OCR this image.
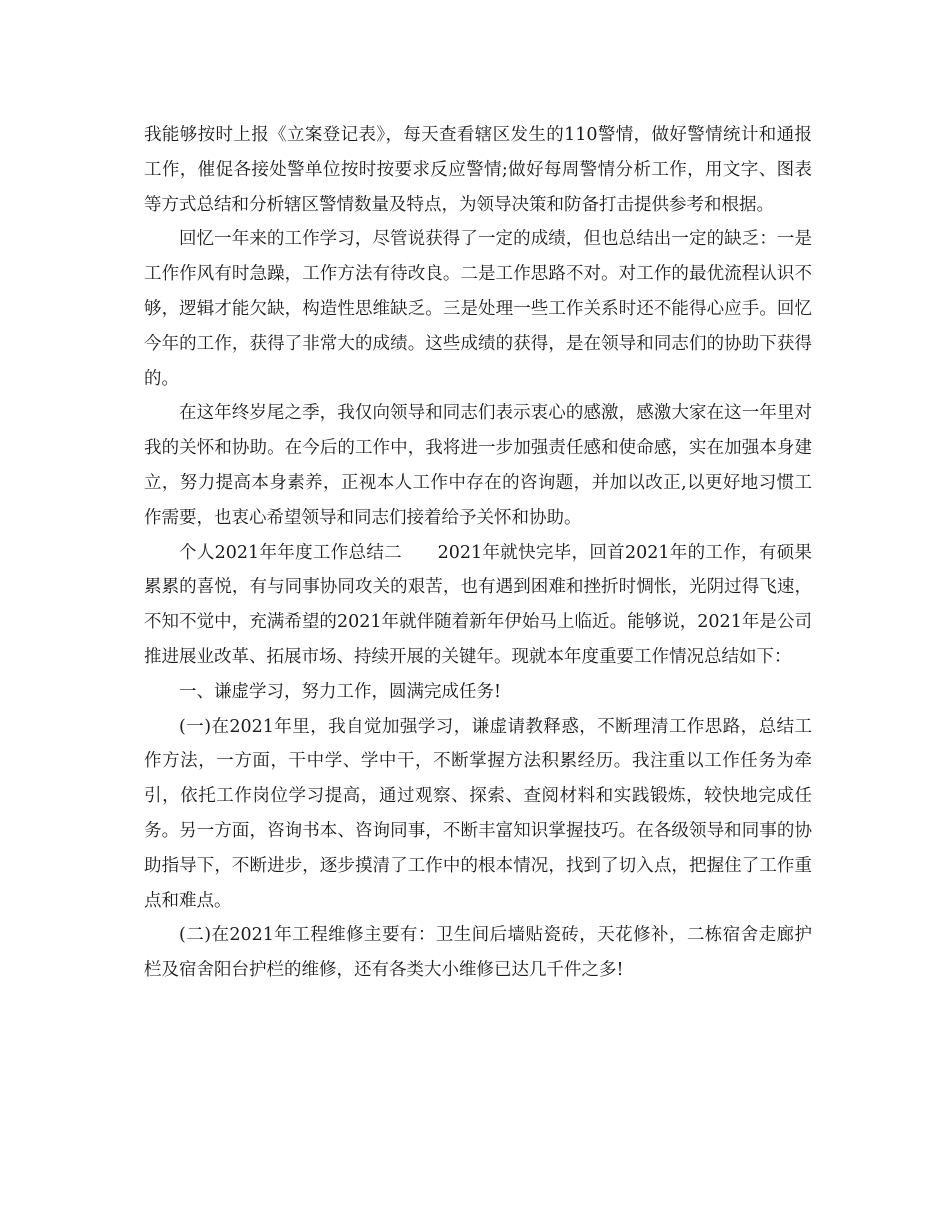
我能够按时上报《立案登记表》，每天查看辖区发生的110警情，做好警情统计和通报工作，催促各接处警单位按时按要求反应警情;做好每周警情分析工作，用文字、图表等方式总结和分析辖区警情数量及特点，为领导决策和防备打击提供参考和根据。

回忆一年来的工作学习，尽管说获得了一定的成绩，但也总结出一定的缺乏：一是工作作风有时急躁，工作方法有待改良。二是工作思路不对。对工作的最优流程认识不够，逻辑才能欠缺，构造性思维缺乏。三是处理一些工作关系时还不能得心应手。回忆今年的工作，获得了非常大的成绩。这些成绩的获得，是在领导和同志们的协助下获得的。

在这年终岁尾之季，我仅向领导和同志们表示衷心的感激，感激大家在这一年里对我的关怀和协助。在今后的工作中，我将进一步加强责任感和使命感，实在加强本身建立，努力提高本身素养，正视本人工作中存在的咨询题，并加以改正,以更好地习惯工作需要，也衷心希望领导和同志们接着给予关怀和协助。

个人2021年年度工作总结二　　2021年就快完毕，回首2021年的工作，有硕果累累的喜悦，有与同事协同攻关的艰苦，也有遇到困难和挫折时惆怅，光阴过得飞速，不知不觉中，充满希望的2021年就伴随着新年伊始马上临近。能够说，2021年是公司推进展业改革、拓展市场、持续开展的关键年。现就本年度重要工作情况总结如下：

一、谦虚学习，努力工作，圆满完成任务!

(一)在2021年里，我自觉加强学习，谦虚请教释惑，不断理清工作思路，总结工作方法，一方面，干中学、学中干，不断掌握方法积累经历。我注重以工作任务为牵引，依托工作岗位学习提高，通过观察、探索、查阅材料和实践锻炼，较快地完成任务。另一方面，咨询书本、咨询同事，不断丰富知识掌握技巧。在各级领导和同事的协助指导下，不断进步，逐步摸清了工作中的根本情况，找到了切入点，把握住了工作重点和难点。

(二)在2021年工程维修主要有：卫生间后墙贴瓷砖，天花修补，二栋宿舍走廊护栏及宿舍阳台护栏的维修，还有各类大小维修已达几千件之多!
